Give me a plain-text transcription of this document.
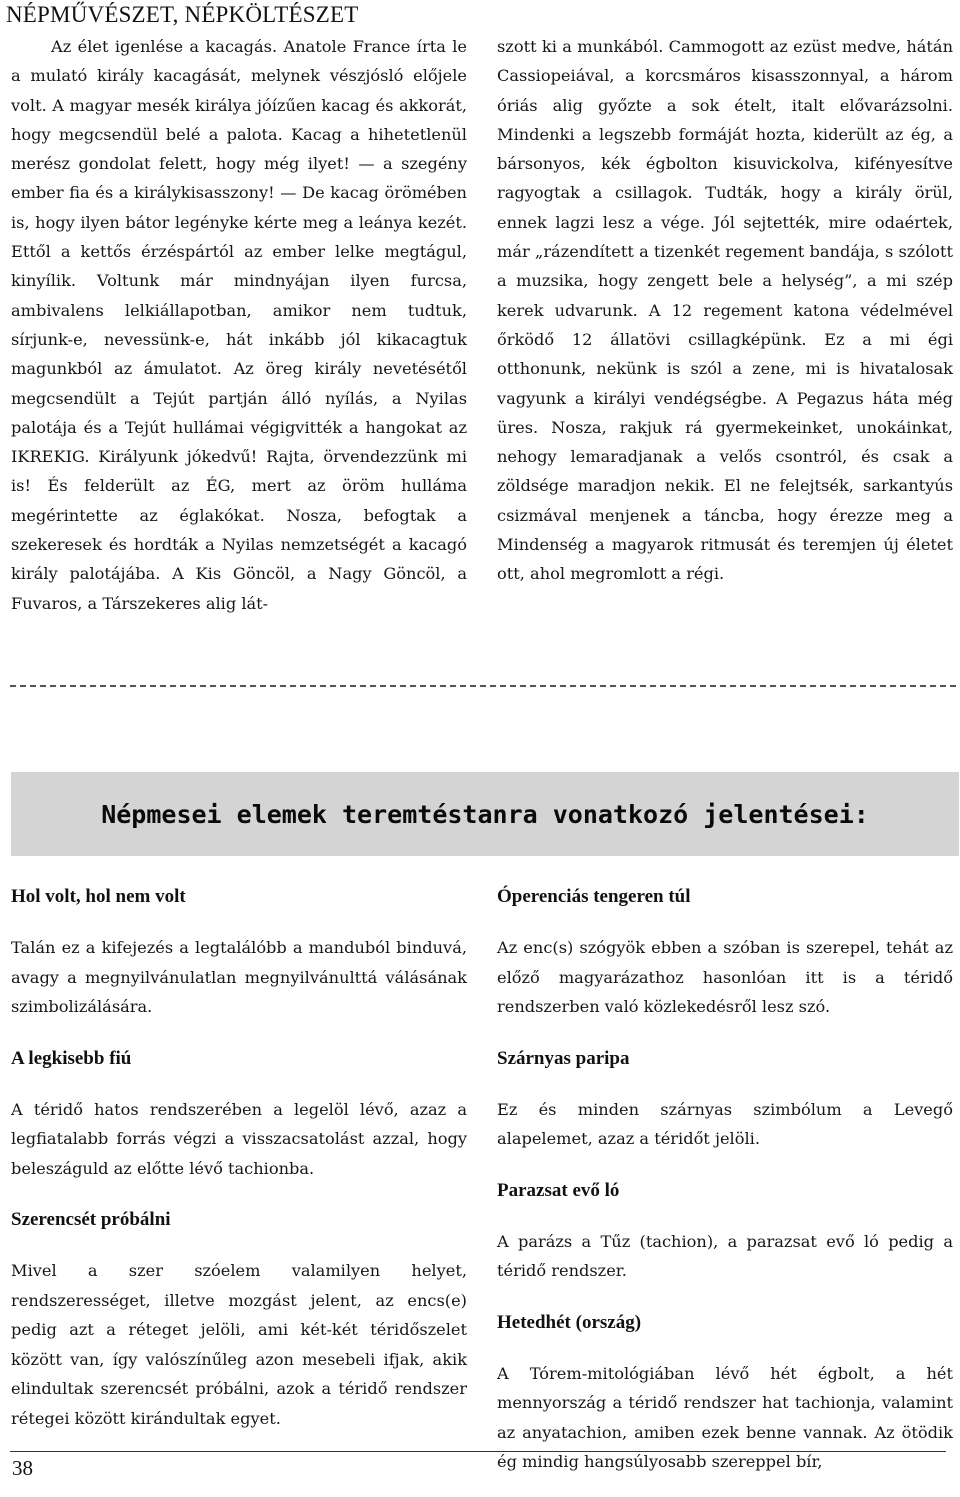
NÉPMŰVÉSZET, NÉPKÖLTÉSZET

Az élet igenlése a kacagás. Anatole France írta le a mulató király kacagását, melynek vészjósló előjele volt. A magyar mesék királya jóízűen kacag és akkorát, hogy megcsendül belé a palota. Kacag a hihetetlenül merész gondolat felett, hogy még ilyet! — a szegény ember fia és a királykisasszony! — De kacag örömében is, hogy ilyen bátor legényke kérte meg a leánya kezét. Ettől a kettős érzéspártól az ember lelke megtágul, kinyílik. Voltunk már mindnyájan ilyen furcsa, ambivalens lelkiállapotban, amikor nem tudtuk, sírjunk-e, nevessünk-e, hát inkább jól kikacagtuk magunkból az ámulatot. Az öreg király nevetésétől megcsendült a Tejút partján álló nyílás, a Nyilas palotája és a Tejút hullámai végigvitték a hangokat az IKREKIG. Királyunk jókedvű! Rajta, örvendezzünk mi is! És felderült az ÉG, mert az öröm hulláma megérintette az églakókat. Nosza, befogtak a szekeresek és hordták a Nyilas nemzetségét a kacagó király palotájába. A Kis Göncöl, a Nagy Göncöl, a Fuvaros, a Társzekeres alig lát-

szott ki a munkából. Cammogott az ezüst medve, hátán Cassiopeiával, a korcsmáros kisasszonnyal, a három óriás alig győzte a sok ételt, italt elővarázsolni. Mindenki a legszebb formáját hozta, kiderült az ég, a bársonyos, kék égbolton kisuvickolva, kifényesítve ragyogtak a csillagok. Tudták, hogy a király örül, ennek lagzi lesz a vége. Jól sejtették, mire odaértek, már „rázendített a tizenkét regement bandája, s szólott a muzsika, hogy zengett bele a helység”, a mi szép kerek udvarunk. A 12 regement katona védelmével őrködő 12 állatövi csillagképünk. Ez a mi égi otthonunk, nekünk is szól a zene, mi is hivatalosak vagyunk a királyi vendégségbe. A Pegazus háta még üres. Nosza, rakjuk rá gyermekeinket, unokáinkat, nehogy lemaradjanak a velős csontról, és csak a zöldsége maradjon nekik. El ne felejtsék, sarkantyús csizmával menjenek a táncba, hogy érezze meg a Mindenség a magyarok ritmusát és teremjen új életet ott, ahol megromlott a régi.

Népmesei elemek teremtéstanra vonatkozó jelentései:
Hol volt, hol nem volt

Talán ez a kifejezés a legtalálóbb a manduból binduvá, avagy a megnyilvánulatlan megnyilvánulttá válásának szimbolizálására.

A legkisebb fiú

A téridő hatos rendszerében a legelöl lévő, azaz a legfiatalabb forrás végzi a visszacsatolást azzal, hogy beleszáguld az előtte lévő tachionba.

Szerencsét próbálni

Mivel a szer szóelem valamilyen helyet, rendszerességet, illetve mozgást jelent, az encs(e) pedig azt a réteget jelöli, ami két-két téridőszelet között van, így valószínűleg azon mesebeli ifjak, akik elindultak szerencsét próbálni, azok a téridő rendszer rétegei között kirándultak egyet.

Óperenciás tengeren túl

Az enc(s) szógyök ebben a szóban is szerepel, tehát az előző magyarázathoz hasonlóan itt is a téridő rendszerben való közlekedésről lesz szó.

Szárnyas paripa

Ez és minden szárnyas szimbólum a Levegő alapelemet, azaz a téridőt jelöli.

Parazsat evő ló

A parázs a Tűz (tachion), a parazsat evő ló pedig a téridő rendszer.

Hetedhét (ország)

A Tórem-mitológiában lévő hét égbolt, a hét mennyország a téridő rendszer hat tachionja, valamint az anyatachion, amiben ezek benne vannak. Az ötödik ég mindig hangsúlyosabb szereppel bír,

38
